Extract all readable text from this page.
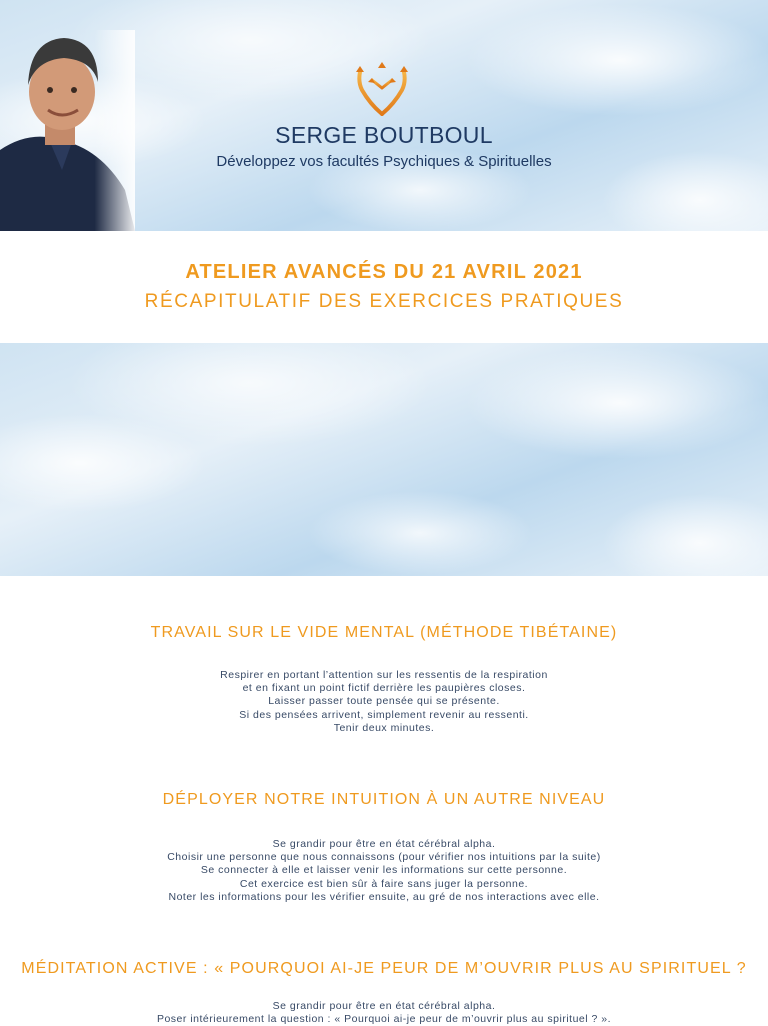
SERGE BOUTBOUL
Développez vos facultés Psychiques & Spirituelles
ATELIER AVANCÉS DU 21 AVRIL 2021
RÉCAPITULATIF DES EXERCICES PRATIQUES
TRAVAIL SUR LE VIDE MENTAL (MÉTHODE TIBÉTAINE)
Respirer en portant l’attention sur les ressentis de la respiration
et en fixant un point fictif derrière les paupières closes.
Laisser passer toute pensée qui se présente.
Si des pensées arrivent, simplement revenir au ressenti.
Tenir deux minutes.
DÉPLOYER NOTRE INTUITION À UN AUTRE NIVEAU
Se grandir pour être en état cérébral alpha.
Choisir une personne que nous connaissons (pour vérifier nos intuitions par la suite)
Se connecter à elle et laisser venir les informations sur cette personne.
Cet exercice est bien sûr à faire sans juger la personne.
Noter les informations pour les vérifier ensuite, au gré de nos interactions avec elle.
MÉDITATION ACTIVE : « POURQUOI AI-JE PEUR DE M’OUVRIR PLUS AU SPIRITUEL ?
Se grandir pour être en état cérébral alpha.
Poser intérieurement la question : « Pourquoi ai-je peur de m’ouvrir plus au spirituel ? ».
